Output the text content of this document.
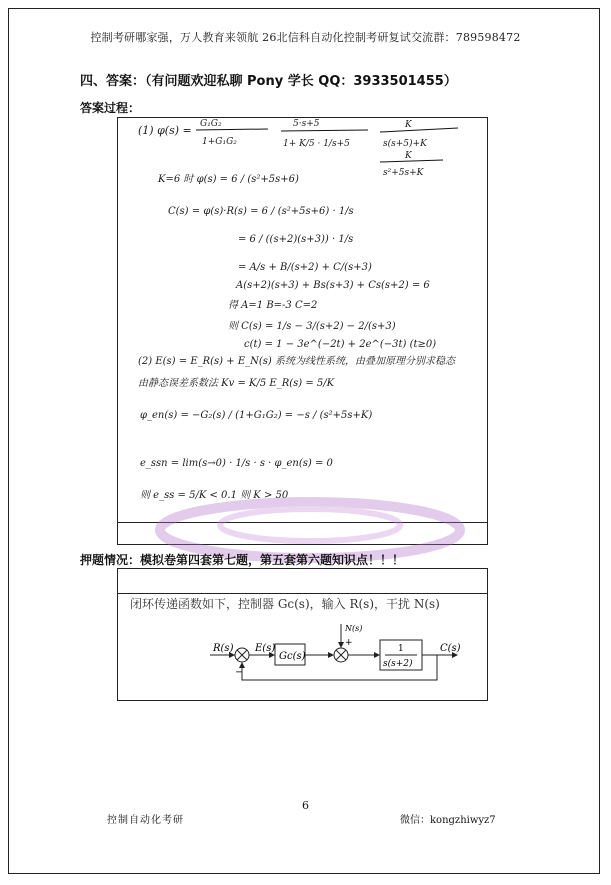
控制考研哪家强，万人教育来领航 26北信科自动化控制考研复试交流群：789598472
四、答案：（有问题欢迎私聊 Pony 学长 QQ：3933501455）
答案过程：
(1) φ(s) = G₁G₂
1+G₁G₂
5·s+5
1+ K/5 · 1/s+5
K
s(s+5)+K
K
s²+5s+K
K=6 时 φ(s) = 6 / (s²+5s+6)
C(s) = φ(s)·R(s) = 6 / (s²+5s+6) · 1/s
= 6 / ((s+2)(s+3)) · 1/s
= A/s + B/(s+2) + C/(s+3)
A(s+2)(s+3) + Bs(s+3) + Cs(s+2) = 6
得 A=1 B=-3 C=2
则 C(s) = 1/s − 3/(s+2) − 2/(s+3)
c(t) = 1 − 3e^(−2t) + 2e^(−3t) (t≥0)
(2) E(s) = E_R(s) + E_N(s) 系统为线性系统，由叠加原理分别求稳态
由静态误差系数法 Kv = K/5 E_R(s) = 5/K
φ_en(s) = −G₂(s) / (1+G₁G₂) = −s / (s²+5s+K)
e_ssn = lim(s→0) · 1/s · s · φ_en(s) = 0
则 e_ss = 5/K < 0.1 则 K > 50
押题情况：模拟卷第四套第七题，第五套第六题知识点！！！
闭环传递函数如下，控制器 Gc(s)，输入 R(s)，干扰 N(s)
R(s)
−
E(s)
Gc(s)
N(s)
+
1
s(s+2)
C(s)
6
控制自动化考研	微信：kongzhiwyz7
